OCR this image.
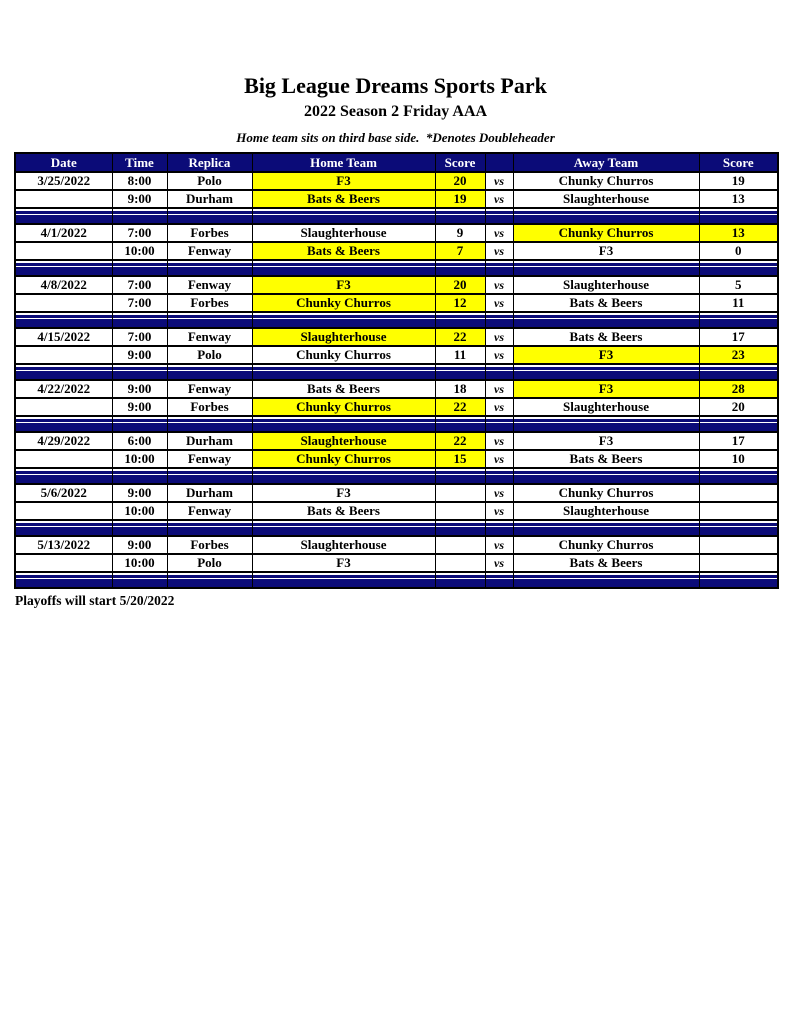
Big League Dreams Sports Park
2022 Season 2 Friday AAA
Home team sits on third base side.  *Denotes Doubleheader
Date	Time	Replica	Home Team	Score		Away Team	Score
3/25/2022	8:00	Polo	F3	20	vs	Chunky Churros	19
	9:00	Durham	Bats & Beers	19	vs	Slaughterhouse	13

4/1/2022	7:00	Forbes	Slaughterhouse	9	vs	Chunky Churros	13
	10:00	Fenway	Bats & Beers	7	vs	F3	0

4/8/2022	7:00	Fenway	F3	20	vs	Slaughterhouse	5
	7:00	Forbes	Chunky Churros	12	vs	Bats & Beers	11

4/15/2022	7:00	Fenway	Slaughterhouse	22	vs	Bats & Beers	17
	9:00	Polo	Chunky Churros	11	vs	F3	23

4/22/2022	9:00	Fenway	Bats & Beers	18	vs	F3	28
	9:00	Forbes	Chunky Churros	22	vs	Slaughterhouse	20

4/29/2022	6:00	Durham	Slaughterhouse	22	vs	F3	17
	10:00	Fenway	Chunky Churros	15	vs	Bats & Beers	10

5/6/2022	9:00	Durham	F3		vs	Chunky Churros	
	10:00	Fenway	Bats & Beers		vs	Slaughterhouse	

5/13/2022	9:00	Forbes	Slaughterhouse		vs	Chunky Churros	
	10:00	Polo	F3		vs	Bats & Beers	

Playoffs will start 5/20/2022
